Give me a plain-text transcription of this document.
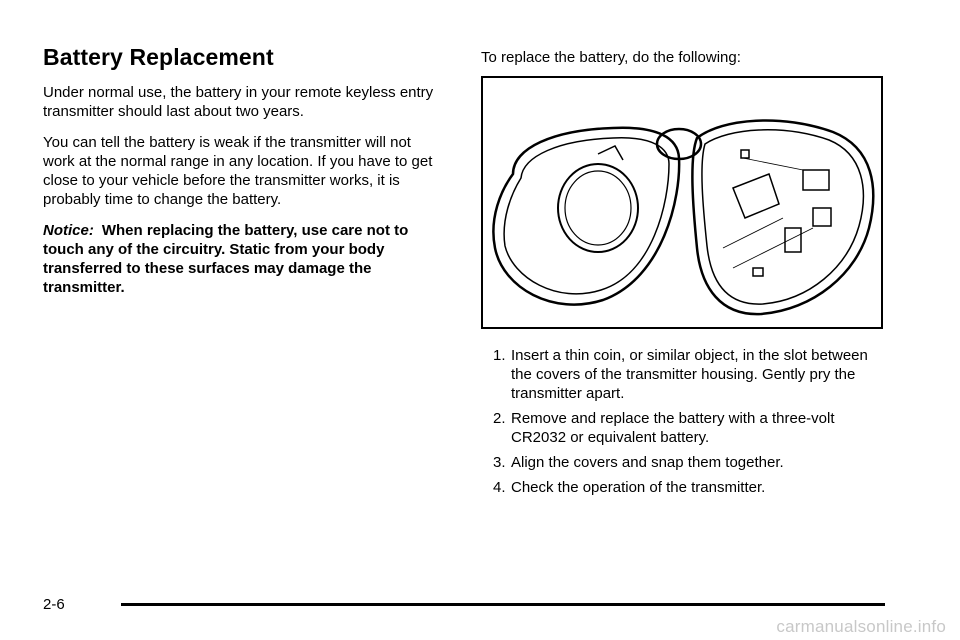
Battery Replacement

Under normal use, the battery in your remote keyless entry transmitter should last about two years.

You can tell the battery is weak if the transmitter will not work at the normal range in any location. If you have to get close to your vehicle before the transmitter works, it is probably time to change the battery.

Notice: When replacing the battery, use care not to touch any of the circuitry. Static from your body transferred to these surfaces may damage the transmitter.

To replace the battery, do the following:

1. Insert a thin coin, or similar object, in the slot between the covers of the transmitter housing. Gently pry the transmitter apart.
2. Remove and replace the battery with a three-volt CR2032 or equivalent battery.
3. Align the covers and snap them together.
4. Check the operation of the transmitter.
2-6
carmanualsonline.info
